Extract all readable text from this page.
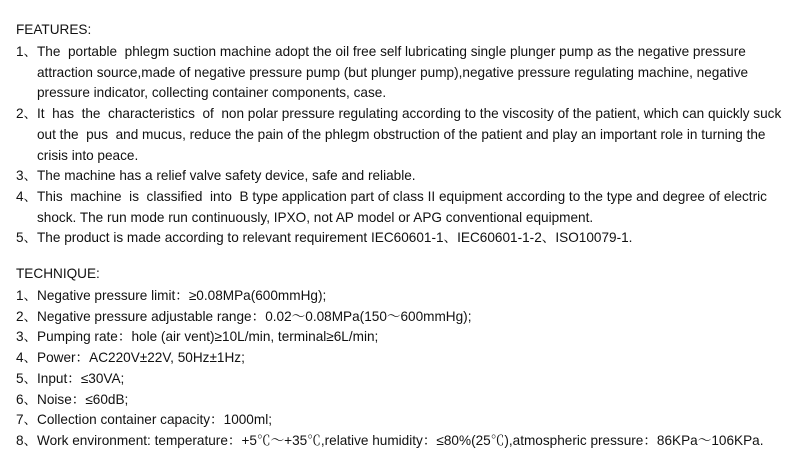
FEATURES:
1、 The  portable  phlegm suction machine adopt the oil free self lubricating single plunger pump as the negative pressure attraction source,made of negative pressure pump (but plunger pump),negative pressure regulating machine, negative pressure indicator, collecting container components, case.
2、 It  has  the  characteristics  of  non polar pressure regulating according to the viscosity of the patient, which can quickly suck out the  pus  and mucus, reduce the pain of the phlegm obstruction of the patient and play an important role in turning the crisis into peace.
3、 The machine has a relief valve safety device, safe and reliable.
4、 This  machine  is  classified  into  B type application part of class II equipment according to the type and degree of electric shock. The run mode run continuously, IPXO, not AP model or APG conventional equipment.
5、 The product is made according to relevant requirement IEC60601-1、IEC60601-1-2、ISO10079-1.
TECHNIQUE:
1、 Negative pressure limit：≥0.08MPa(600mmHg);
2、 Negative pressure adjustable range：0.02～0.08MPa(150～600mmHg);
3、 Pumping rate：hole (air vent)≥10L/min, terminal≥6L/min;
4、 Power：AC220V±22V, 50Hz±1Hz;
5、 Input：≤30VA;
6、 Noise：≤60dB;
7、 Collection container capacity：1000ml;
8、 Work environment: temperature：+5℃～+35℃,relative humidity：≤80%(25℃),atmospheric pressure：86KPa～106KPa.
